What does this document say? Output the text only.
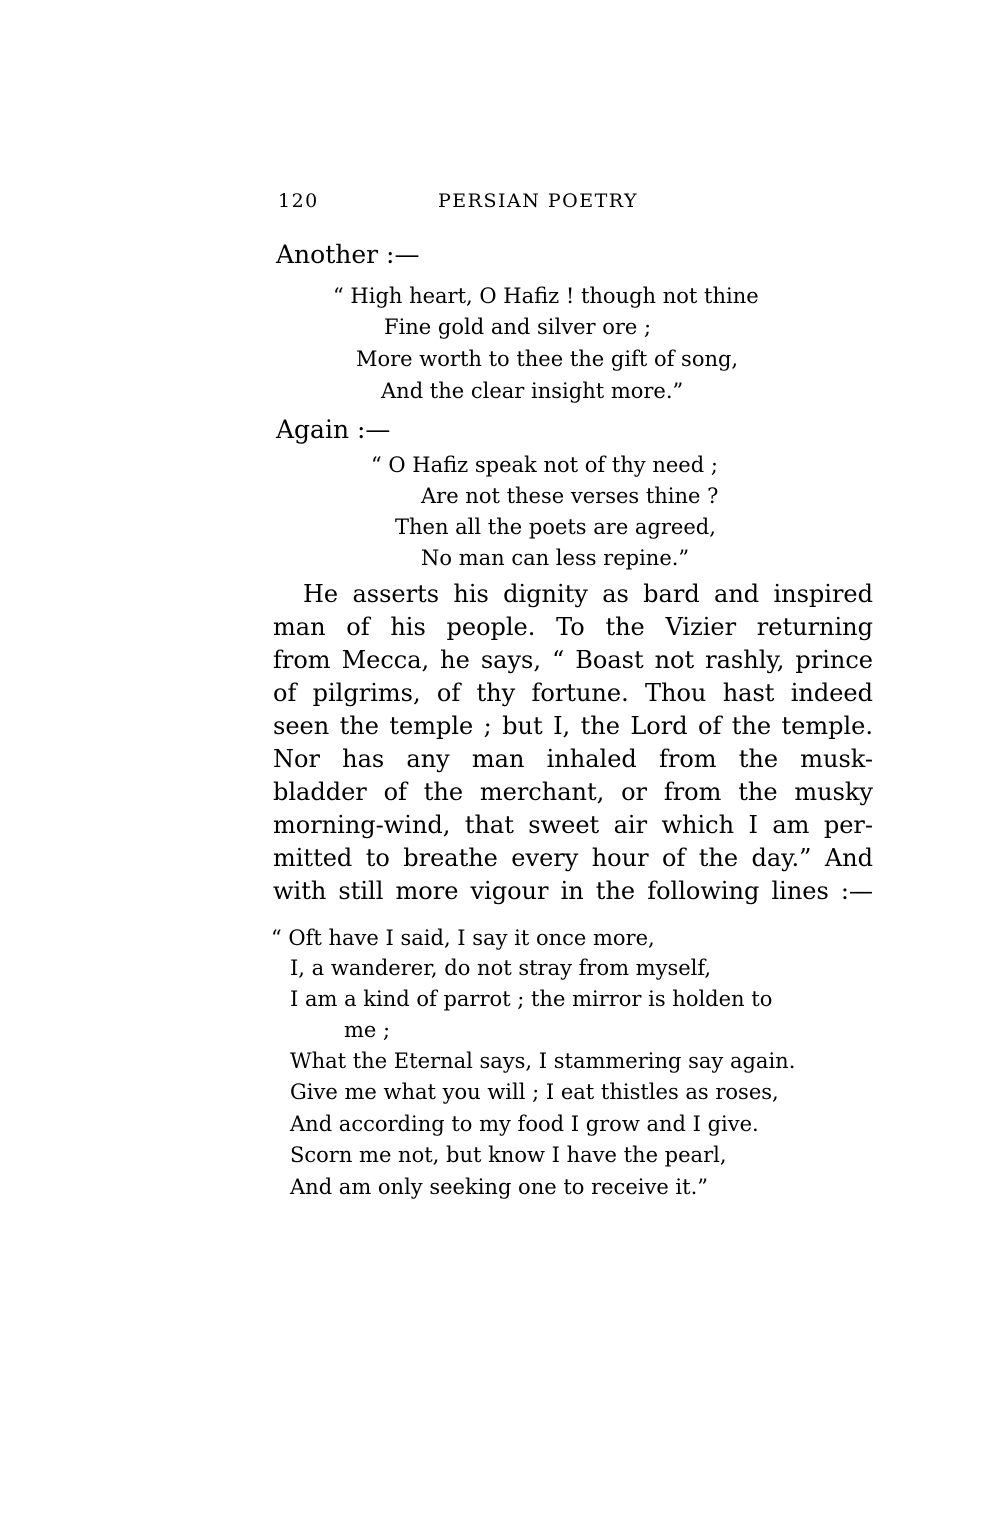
120	PERSIAN POETRY
Another :—
“ High heart, O Hafiz ! though not thine
Fine gold and silver ore ;
More worth to thee the gift of song,
And the clear insight more.”
Again :—
“ O Hafiz speak not of thy need ;
Are not these verses thine ?
Then all the poets are agreed,
No man can less repine.”
He asserts his dignity as bard and inspired
man of his people. To the Vizier returning
from Mecca, he says, “ Boast not rashly, prince
of pilgrims, of thy fortune. Thou hast indeed
seen the temple ; but I, the Lord of the temple.
Nor has any man inhaled from the musk-
bladder of the merchant, or from the musky
morning-wind, that sweet air which I am per-
mitted to breathe every hour of the day.” And
with still more vigour in the following lines :—
“ Oft have I said, I say it once more,
I, a wanderer, do not stray from myself,
I am a kind of parrot ; the mirror is holden to
me ;
What the Eternal says, I stammering say again.
Give me what you will ; I eat thistles as roses,
And according to my food I grow and I give.
Scorn me not, but know I have the pearl,
And am only seeking one to receive it.”
